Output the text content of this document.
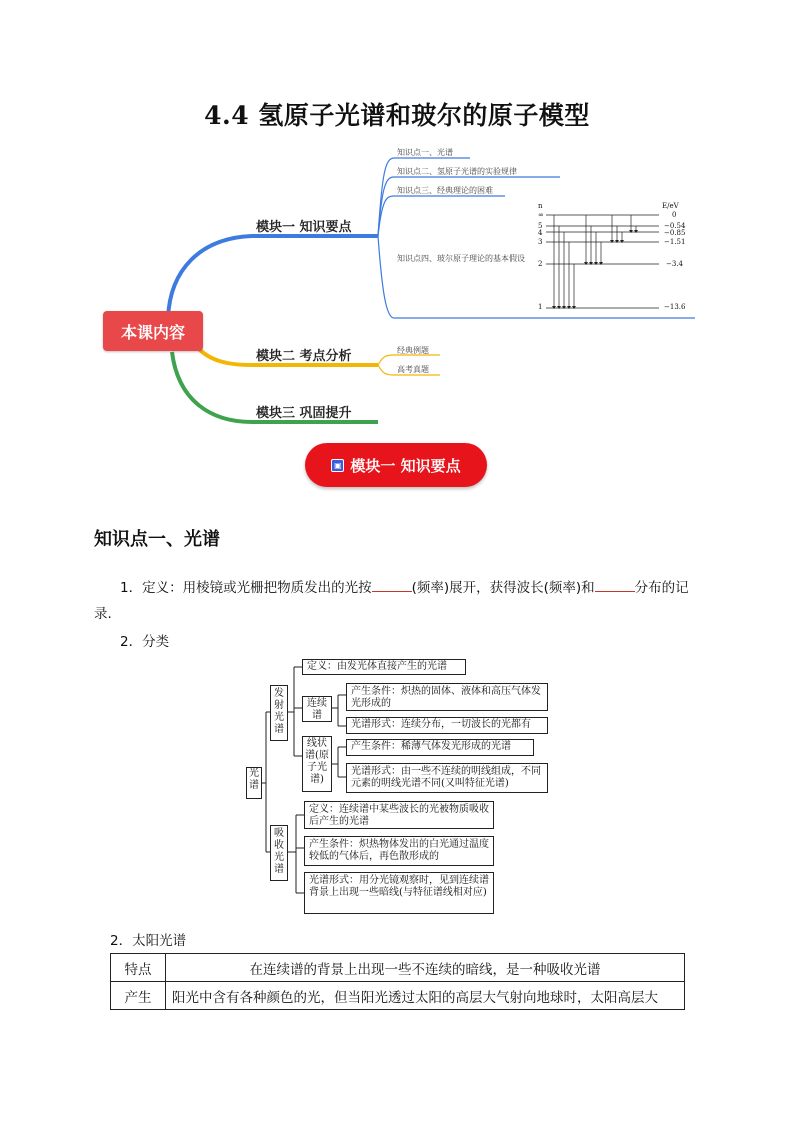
4.4 氢原子光谱和玻尔的原子模型
本课内容
模块一 知识要点
模块二 考点分析
模块三 巩固提升
知识点一、光谱
知识点二、氢原子光谱的实验规律
知识点三、经典理论的困难
知识点四、玻尔原子理论的基本假设
经典例题
高考真题
n	E/eV
∞	0
5	−0.54
4	−0.85
3	−1.51
2	−3.4
1	−13.6
▣ 模块一 知识要点
知识点一、光谱
1．定义：用棱镜或光栅把物质发出的光按	(频率)展开，获得波长(频率)和	分布的记
录.
2．分类
光谱
发射光谱
吸收光谱
连续谱
线状谱(原子光谱)
定义：由发光体直接产生的光谱
产生条件：炽热的固体、液体和高压气体发光形成的
光谱形式：连续分布，一切波长的光都有
产生条件：稀薄气体发光形成的光谱
光谱形式：由一些不连续的明线组成，不同元素的明线光谱不同(又叫特征光谱)
定义：连续谱中某些波长的光被物质吸收后产生的光谱
产生条件：炽热物体发出的白光通过温度较低的气体后，再色散形成的
光谱形式：用分光镜观察时，见到连续谱背景上出现一些暗线(与特征谱线相对应)
2．太阳光谱
特点	在连续谱的背景上出现一些不连续的暗线，是一种吸收光谱
产生	阳光中含有各种颜色的光，但当阳光透过太阳的高层大气射向地球时，太阳高层大
